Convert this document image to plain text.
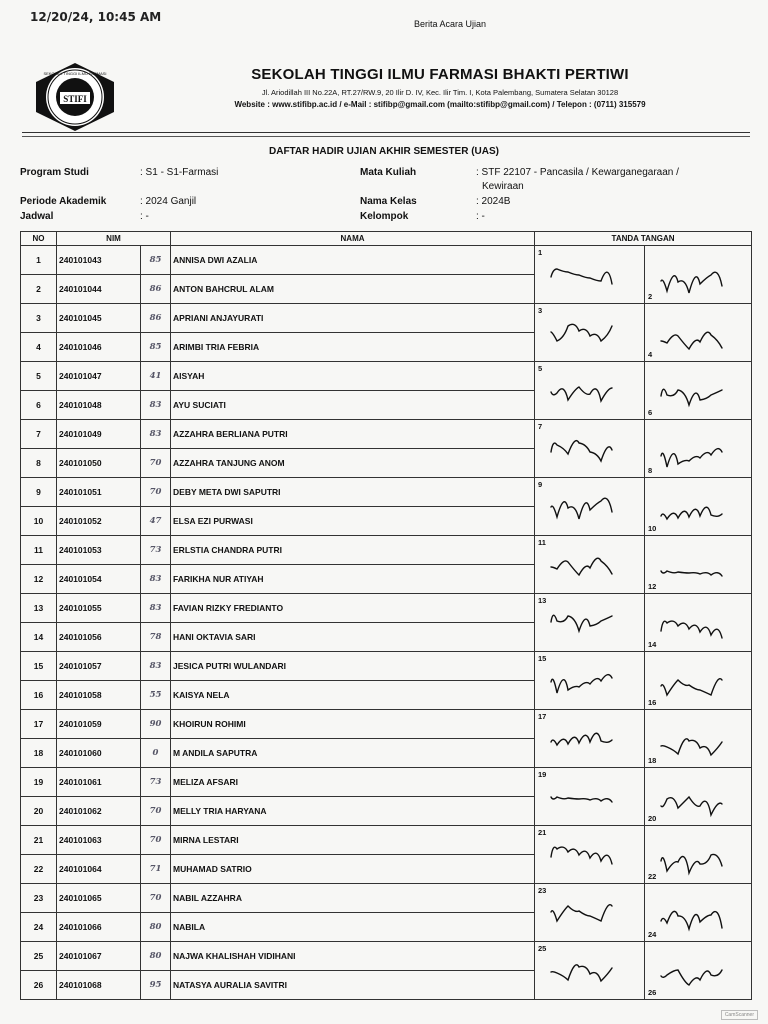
12/20/24, 10:45 AM	Berita Acara Ujian
STIFI
SEKOLAH TINGGI ILMU FARMASI	SEKOLAH TINGGI ILMU FARMASI BHAKTI PERTIWI
Jl. Ariodillah III No.22A, RT.27/RW.9, 20 Ilir D. IV, Kec. Ilir Tim. I, Kota Palembang, Sumatera Selatan 30128
Website : www.stifibp.ac.id / e-Mail : stifibp@gmail.com (mailto:stifibp@gmail.com) / Telepon : (0711) 315579
DAFTAR HADIR UJIAN AKHIR SEMESTER (UAS)
Program Studi	: S1 - S1-Farmasi
Periode Akademik	: 2024 Ganjil
Jadwal	: -
Mata Kuliah	: STF 22107 - Pancasila / Kewarganegaraan /
Kewiraan
Nama Kelas	: 2024B
Kelompok	: -
NO	NIM		NAMA	TANDA TANGAN	
1	240101043	85	ANNISA DWI AZALIA	1	2

2	240101044	86	ANTON BAHCRUL ALAM		
3	240101045	86	APRIANI ANJAYURATI	3	4

4	240101046	85	ARIMBI TRIA FEBRIA		
5	240101047	41	AISYAH	5	6

6	240101048	83	AYU SUCIATI		
7	240101049	83	AZZAHRA BERLIANA PUTRI	7	8

8	240101050	70	AZZAHRA TANJUNG ANOM		
9	240101051	70	DEBY META DWI SAPUTRI	9	10

10	240101052	47	ELSA EZI PURWASI		
11	240101053	73	ERLSTIA CHANDRA PUTRI	11	12

12	240101054	83	FARIKHA NUR ATIYAH		
13	240101055	83	FAVIAN RIZKY FREDIANTO	13	14

14	240101056	78	HANI OKTAVIA SARI		
15	240101057	83	JESICA PUTRI WULANDARI	15	16

16	240101058	55	KAISYA NELA		
17	240101059	90	KHOIRUN ROHIMI	17	18

18	240101060	0	M ANDILA SAPUTRA		
19	240101061	73	MELIZA AFSARI	19	20

20	240101062	70	MELLY TRIA HARYANA		
21	240101063	70	MIRNA LESTARI	21	22

22	240101064	71	MUHAMAD SATRIO		
23	240101065	70	NABIL AZZAHRA	23	24

24	240101066	80	NABILA		
25	240101067	80	NAJWA KHALISHAH VIDIHANI	25	26

26	240101068	95	NATASYA AURALIA SAVITRI		
CamScanner
